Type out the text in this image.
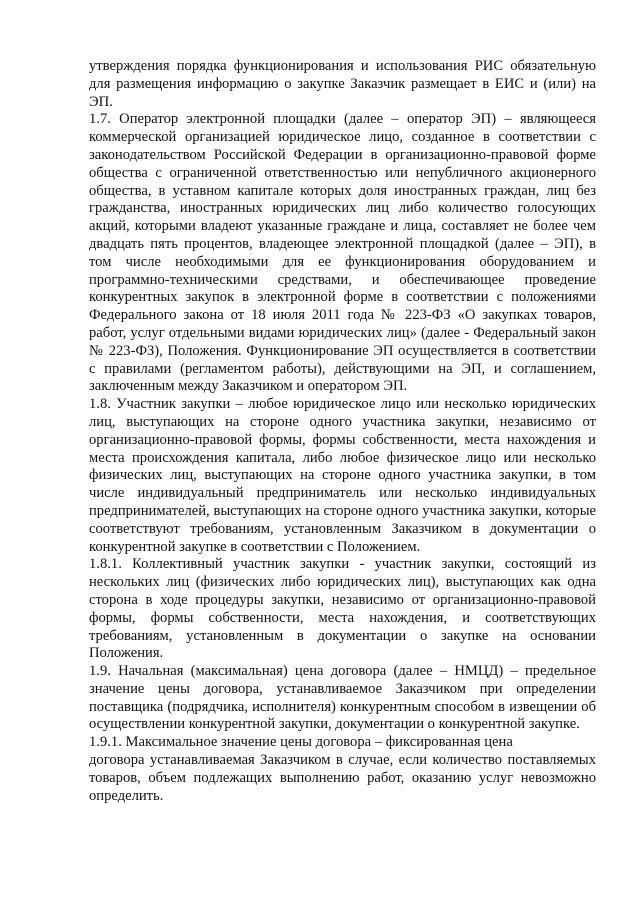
утверждения порядка функционирования и использования РИС обязательную для размещения информацию о закупке Заказчик размещает в ЕИС и (или) на ЭП.

1.7. Оператор электронной площадки (далее – оператор ЭП) – являющееся коммерческой организацией юридическое лицо, созданное в соответствии с законодательством Российской Федерации в организационно-правовой форме общества с ограниченной ответственностью или непубличного акционерного общества, в уставном капитале которых доля иностранных граждан, лиц без гражданства, иностранных юридических лиц либо количество голосующих акций, которыми владеют указанные граждане и лица, составляет не более чем двадцать пять процентов, владеющее электронной площадкой (далее – ЭП), в том числе необходимыми для ее функционирования оборудованием и программно-техническими средствами, и обеспечивающее проведение конкурентных закупок в электронной форме в соответствии с положениями Федерального закона от 18 июля 2011 года № 223-ФЗ «О закупках товаров, работ, услуг отдельными видами юридических лиц» (далее - Федеральный закон № 223-ФЗ), Положения. Функционирование ЭП осуществляется в соответствии с правилами (регламентом работы), действующими на ЭП, и соглашением, заключенным между Заказчиком и оператором ЭП.

1.8. Участник закупки – любое юридическое лицо или несколько юридических лиц, выступающих на стороне одного участника закупки, независимо от организационно-правовой формы, формы собственности, места нахождения и места происхождения капитала, либо любое физическое лицо или несколько физических лиц, выступающих на стороне одного участника закупки, в том числе индивидуальный предприниматель или несколько индивидуальных предпринимателей, выступающих на стороне одного участника закупки, которые соответствуют требованиям, установленным Заказчиком в документации о конкурентной закупке в соответствии с Положением.

1.8.1. Коллективный участник закупки - участник закупки, состоящий из нескольких лиц (физических либо юридических лиц), выступающих как одна сторона в ходе процедуры закупки, независимо от организационно-правовой формы, формы собственности, места нахождения, и соответствующих требованиям, установленным в документации о закупке на основании Положения.

1.9. Начальная (максимальная) цена договора (далее – НМЦД) – предельное значение цены договора, устанавливаемое Заказчиком при определении поставщика (подрядчика, исполнителя) конкурентным способом в извещении об осуществлении конкурентной закупки, документации о конкурентной закупке.

1.9.1. Максимальное значение цены договора – фиксированная цена

договора устанавливаемая Заказчиком в случае, если количество поставляемых товаров, объем подлежащих выполнению работ, оказанию услуг невозможно определить.
